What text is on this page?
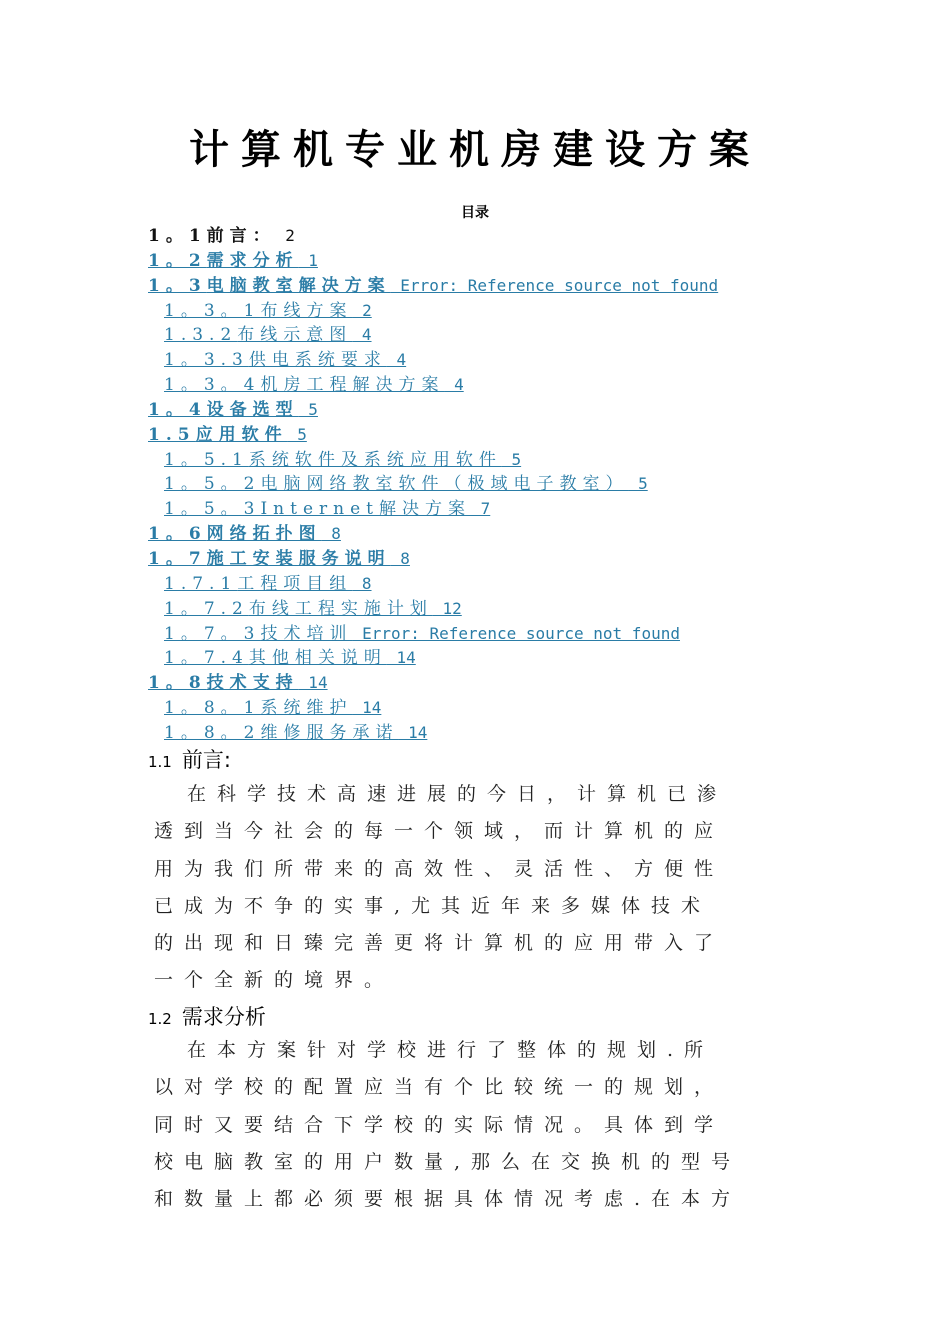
计算机专业机房建设方案
目录
1。1前言： 2
1。2需求分析 1
1。3电脑教室解决方案 Error: Reference source not found
1。3。1布线方案 2
1.3.2布线示意图 4
1。3.3供电系统要求 4
1。3。4机房工程解决方案 4
1。4设备选型 5
1.5应用软件 5
1。5.1系统软件及系统应用软件 5
1。5。2电脑网络教室软件（极域电子教室） 5
1。5。3Internet解决方案 7
1。6网络拓扑图 8
1。7施工安装服务说明 8
1.7.1工程项目组 8
1。7.2布线工程实施计划 12
1。7。3技术培训 Error: Reference source not found
1。7.4其他相关说明 14
1。8技术支持 14
1。8。1系统维护 14
1。8。2维修服务承诺 14
1.1 前言:
在科学技术高速进展的今日，计算机已渗
透到当今社会的每一个领域，而计算机的应
用为我们所带来的高效性、灵活性、方便性
已成为不争的实事,尤其近年来多媒体技术
的出现和日臻完善更将计算机的应用带入了
一个全新的境界。
1.2 需求分析
在本方案针对学校进行了整体的规划.所
以对学校的配置应当有个比较统一的规划，
同时又要结合下学校的实际情况。具体到学
校电脑教室的用户数量,那么在交换机的型号
和数量上都必须要根据具体情况考虑.在本方
